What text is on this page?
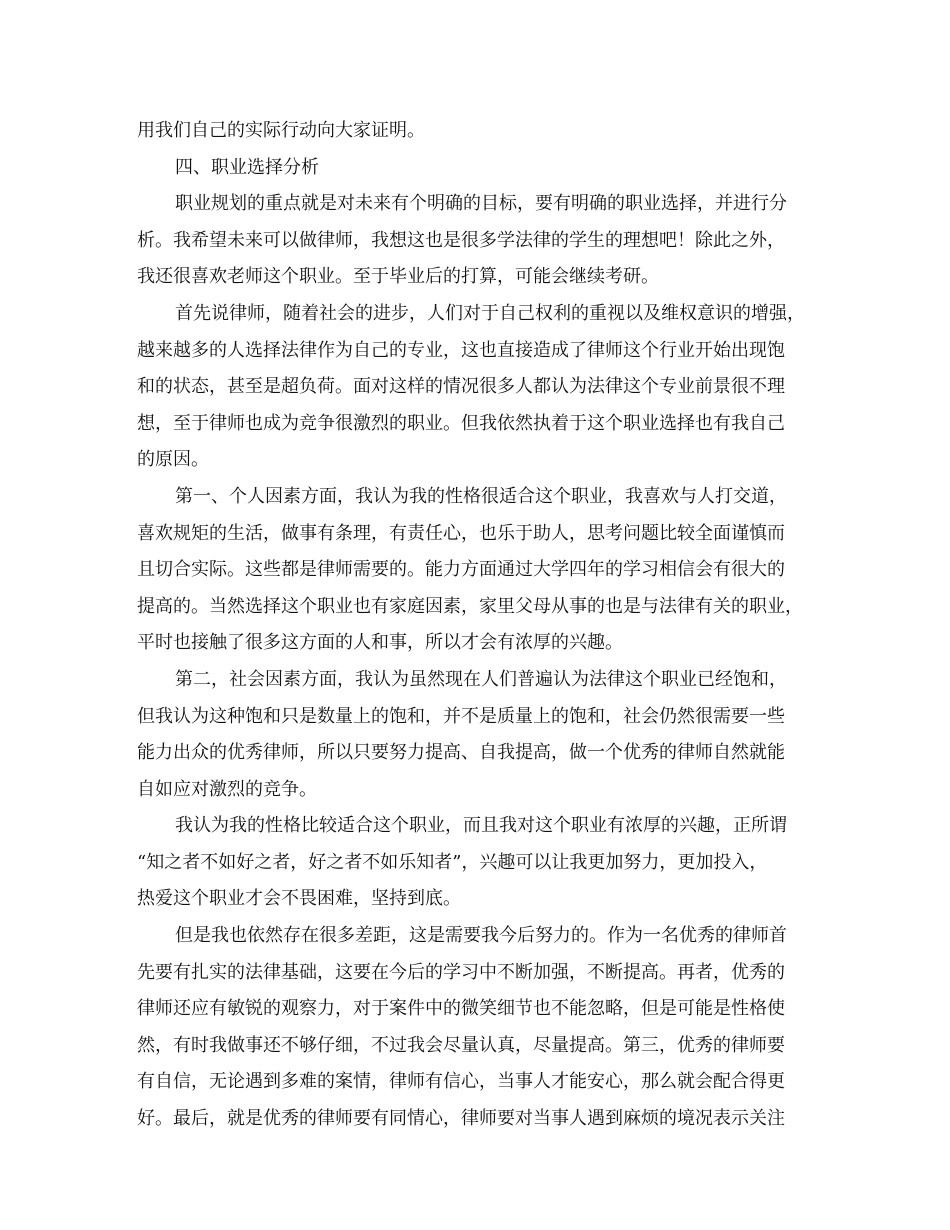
用我们自己的实际行动向大家证明。
四、职业选择分析
职业规划的重点就是对未来有个明确的目标，要有明确的职业选择，并进行分
析。我希望未来可以做律师，我想这也是很多学法律的学生的理想吧！除此之外，
我还很喜欢老师这个职业。至于毕业后的打算，可能会继续考研。
首先说律师，随着社会的进步，人们对于自己权利的重视以及维权意识的增强，
越来越多的人选择法律作为自己的专业，这也直接造成了律师这个行业开始出现饱
和的状态，甚至是超负荷。面对这样的情况很多人都认为法律这个专业前景很不理
想，至于律师也成为竞争很激烈的职业。但我依然执着于这个职业选择也有我自己
的原因。
第一、个人因素方面，我认为我的性格很适合这个职业，我喜欢与人打交道，
喜欢规矩的生活，做事有条理，有责任心，也乐于助人，思考问题比较全面谨慎而
且切合实际。这些都是律师需要的。能力方面通过大学四年的学习相信会有很大的
提高的。当然选择这个职业也有家庭因素，家里父母从事的也是与法律有关的职业，
平时也接触了很多这方面的人和事，所以才会有浓厚的兴趣。
第二，社会因素方面，我认为虽然现在人们普遍认为法律这个职业已经饱和，
但我认为这种饱和只是数量上的饱和，并不是质量上的饱和，社会仍然很需要一些
能力出众的优秀律师，所以只要努力提高、自我提高，做一个优秀的律师自然就能
自如应对激烈的竞争。
我认为我的性格比较适合这个职业，而且我对这个职业有浓厚的兴趣，正所谓
“知之者不如好之者，好之者不如乐知者”，兴趣可以让我更加努力，更加投入，
热爱这个职业才会不畏困难，坚持到底。
但是我也依然存在很多差距，这是需要我今后努力的。作为一名优秀的律师首
先要有扎实的法律基础，这要在今后的学习中不断加强，不断提高。再者，优秀的
律师还应有敏锐的观察力，对于案件中的微笑细节也不能忽略，但是可能是性格使
然，有时我做事还不够仔细，不过我会尽量认真，尽量提高。第三，优秀的律师要
有自信，无论遇到多难的案情，律师有信心，当事人才能安心，那么就会配合得更
好。最后，就是优秀的律师要有同情心，律师要对当事人遇到麻烦的境况表示关注
